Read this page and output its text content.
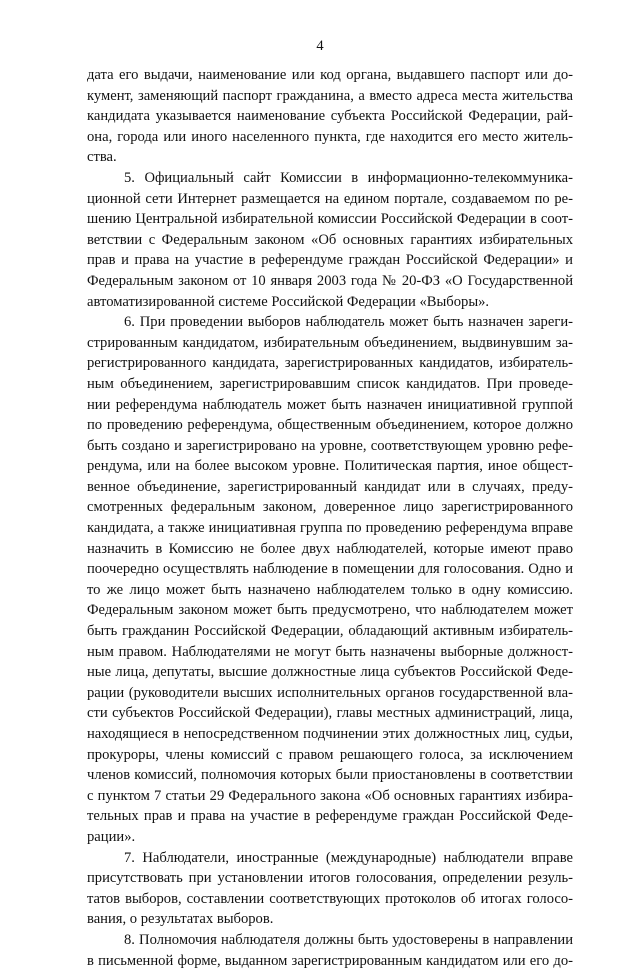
4
дата его выдачи, наименование или код органа, выдавшего паспорт или до-
кумент, заменяющий паспорт гражданина, а вместо адреса места жительства
кандидата указывается наименование субъекта Российской Федерации, рай-
она, города или иного населенного пункта, где находится его место житель-
ства.
5. Официальный сайт Комиссии в информационно-телекоммуника-
ционной сети Интернет размещается на едином портале, создаваемом по ре-
шению Центральной избирательной комиссии Российской Федерации в соот-
ветствии с Федеральным законом «Об основных гарантиях избирательных
прав и права на участие в референдуме граждан Российской Федерации» и
Федеральным законом от 10 января 2003 года № 20-ФЗ «О Государственной
автоматизированной системе Российской Федерации «Выборы».
6. При проведении выборов наблюдатель может быть назначен зареги-
стрированным кандидатом, избирательным объединением, выдвинувшим за-
регистрированного кандидата, зарегистрированных кандидатов, избиратель-
ным объединением, зарегистрировавшим список кандидатов. При проведе-
нии референдума наблюдатель может быть назначен инициативной группой
по проведению референдума, общественным объединением, которое должно
быть создано и зарегистрировано на уровне, соответствующем уровню рефе-
рендума, или на более высоком уровне. Политическая партия, иное общест-
венное объединение, зарегистрированный кандидат или в случаях, преду-
смотренных федеральным законом, доверенное лицо зарегистрированного
кандидата, а также инициативная группа по проведению референдума вправе
назначить в Комиссию не более двух наблюдателей, которые имеют право
поочередно осуществлять наблюдение в помещении для голосования. Одно и
то же лицо может быть назначено наблюдателем только в одну комиссию.
Федеральным законом может быть предусмотрено, что наблюдателем может
быть гражданин Российской Федерации, обладающий активным избиратель-
ным правом. Наблюдателями не могут быть назначены выборные должност-
ные лица, депутаты, высшие должностные лица субъектов Российской Феде-
рации (руководители высших исполнительных органов государственной вла-
сти субъектов Российской Федерации), главы местных администраций, лица,
находящиеся в непосредственном подчинении этих должностных лиц, судьи,
прокуроры, члены комиссий с правом решающего голоса, за исключением
членов комиссий, полномочия которых были приостановлены в соответствии
с пунктом 7 статьи 29 Федерального закона «Об основных гарантиях избира-
тельных прав и права на участие в референдуме граждан Российской Феде-
рации».
7. Наблюдатели, иностранные (международные) наблюдатели вправе
присутствовать при установлении итогов голосования, определении резуль-
татов выборов, составлении соответствующих протоколов об итогах голосо-
вания, о результатах выборов.
8. Полномочия наблюдателя должны быть удостоверены в направлении
в письменной форме, выданном зарегистрированным кандидатом или его до-
